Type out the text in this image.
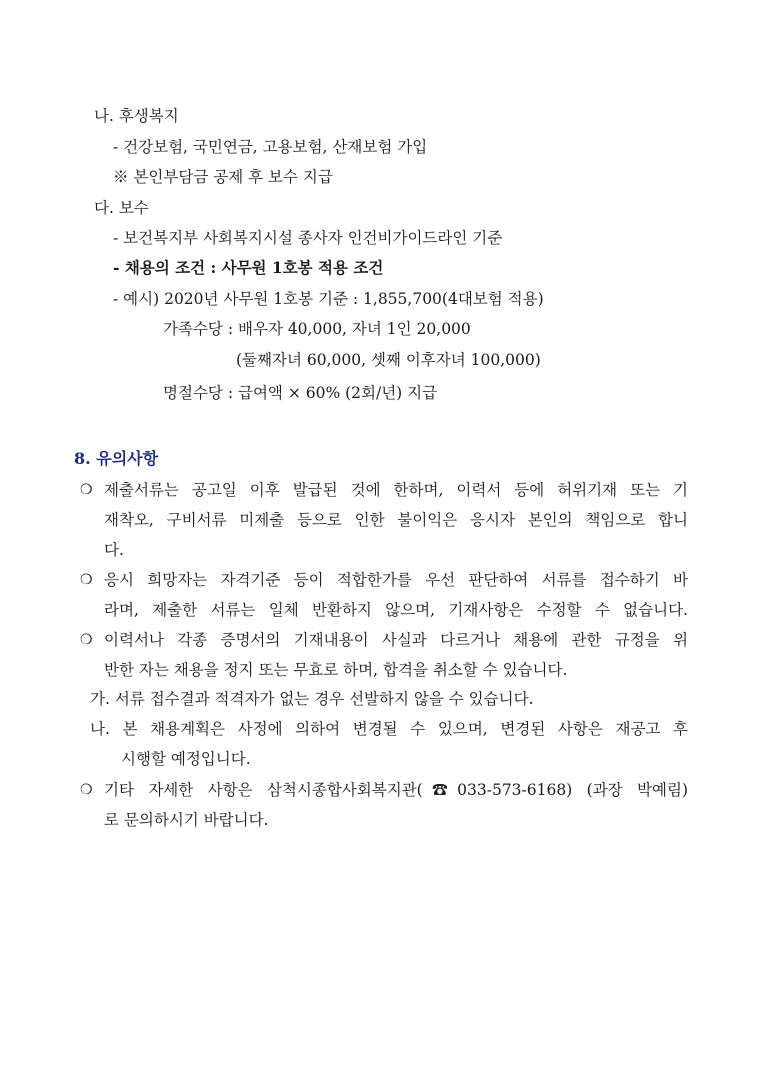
나. 후생복지
- 건강보험, 국민연금, 고용보험, 산재보험 가입
※ 본인부담금 공제 후 보수 지급
다. 보수
- 보건복지부 사회복지시설 종사자 인건비가이드라인 기준
- 채용의 조건 : 사무원 1호봉 적용 조건
- 예시) 2020년 사무원 1호봉 기준 : 1,855,700(4대보험 적용)
가족수당 : 배우자 40,000, 자녀 1인 20,000
(둘째자녀 60,000, 셋째 이후자녀 100,000)
명절수당 : 급여액 × 60% (2회/년) 지급
8. 유의사항
❍ 제출서류는 공고일 이후 발급된 것에 한하며, 이력서 등에 허위기재 또는 기
재착오, 구비서류 미제출 등으로 인한 불이익은 응시자 본인의 책임으로 합니
다.
❍ 응시 희망자는 자격기준 등이 적합한가를 우선 판단하여 서류를 접수하기 바
라며, 제출한 서류는 일체 반환하지 않으며, 기재사항은 수정할 수 없습니다.
❍ 이력서나 각종 증명서의 기재내용이 사실과 다르거나 채용에 관한 규정을 위
반한 자는 채용을 정지 또는 무효로 하며, 합격을 취소할 수 있습니다.
가. 서류 접수결과 적격자가 없는 경우 선발하지 않을 수 있습니다.
나. 본 채용계획은 사정에 의하여 변경될 수 있으며, 변경된 사항은 재공고 후
시행할 예정입니다.
❍ 기타 자세한 사항은 삼척시종합사회복지관(☎033-573-6168) (과장 박예림)
로 문의하시기 바랍니다.
